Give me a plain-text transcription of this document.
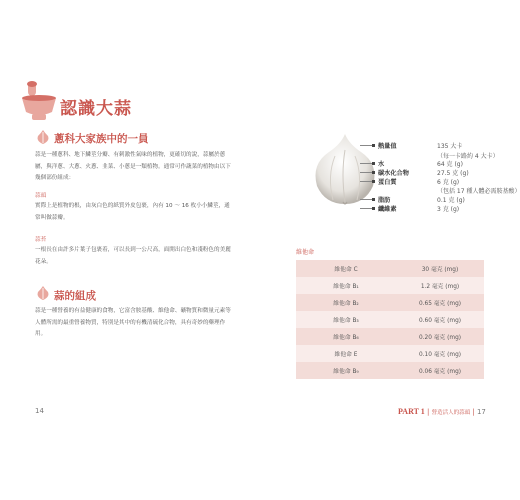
認識大蒜
蔥科大家族中的一員
蒜是一種蔥科、地下鱗莖分瓣、有刺激性氣味的植物，更確切的說，蒜屬於蔥屬，與洋蔥、大蔥、火蔥、韭菜、小蔥是一類植物。通常可作蔬菜的植物由以下幾個部份組成：
蒜頭
實際上是植物的根，由灰白色的紙質外皮包裹，內有 10 ～ 16 枚小小鱗莖，通常叫做蒜瓣。
蒜苔
一根長在由許多片葉子包裹着，可以長到一公尺高，面開出白色和淺粉色的美麗花朵。
蒜的組成
蒜是一種營養的有益健康的食物，它富含胺基酸、維他命、礦物質和微量元素等人體所需的最重營養物質，特別是其中的有機清硫化合物，具有奇妙的藥理作用。
14
熱量值	135 大卡
（每一卡路約 4 大卡）
水	64 克 (g)
碳水化合物	27.5 克 (g)
蛋白質	6 克 (g)
（包括 17 種人體必需胺基酸）
脂肪	0.1 克 (g)
纖維素	3 克 (g)
維他命
維他命 C	30 毫克 (mg)
維他命 B₁	1.2 毫克 (mg)
維他命 B₂	0.65 毫克 (mg)
維他命 B₃	0.60 毫克 (mg)
維他命 B₆	0.20 毫克 (mg)
維他命 E	0.10 毫克 (mg)
維他命 B₉	0.06 毫克 (mg)
PART 1 | 營造活人的蒜頭 | 17
